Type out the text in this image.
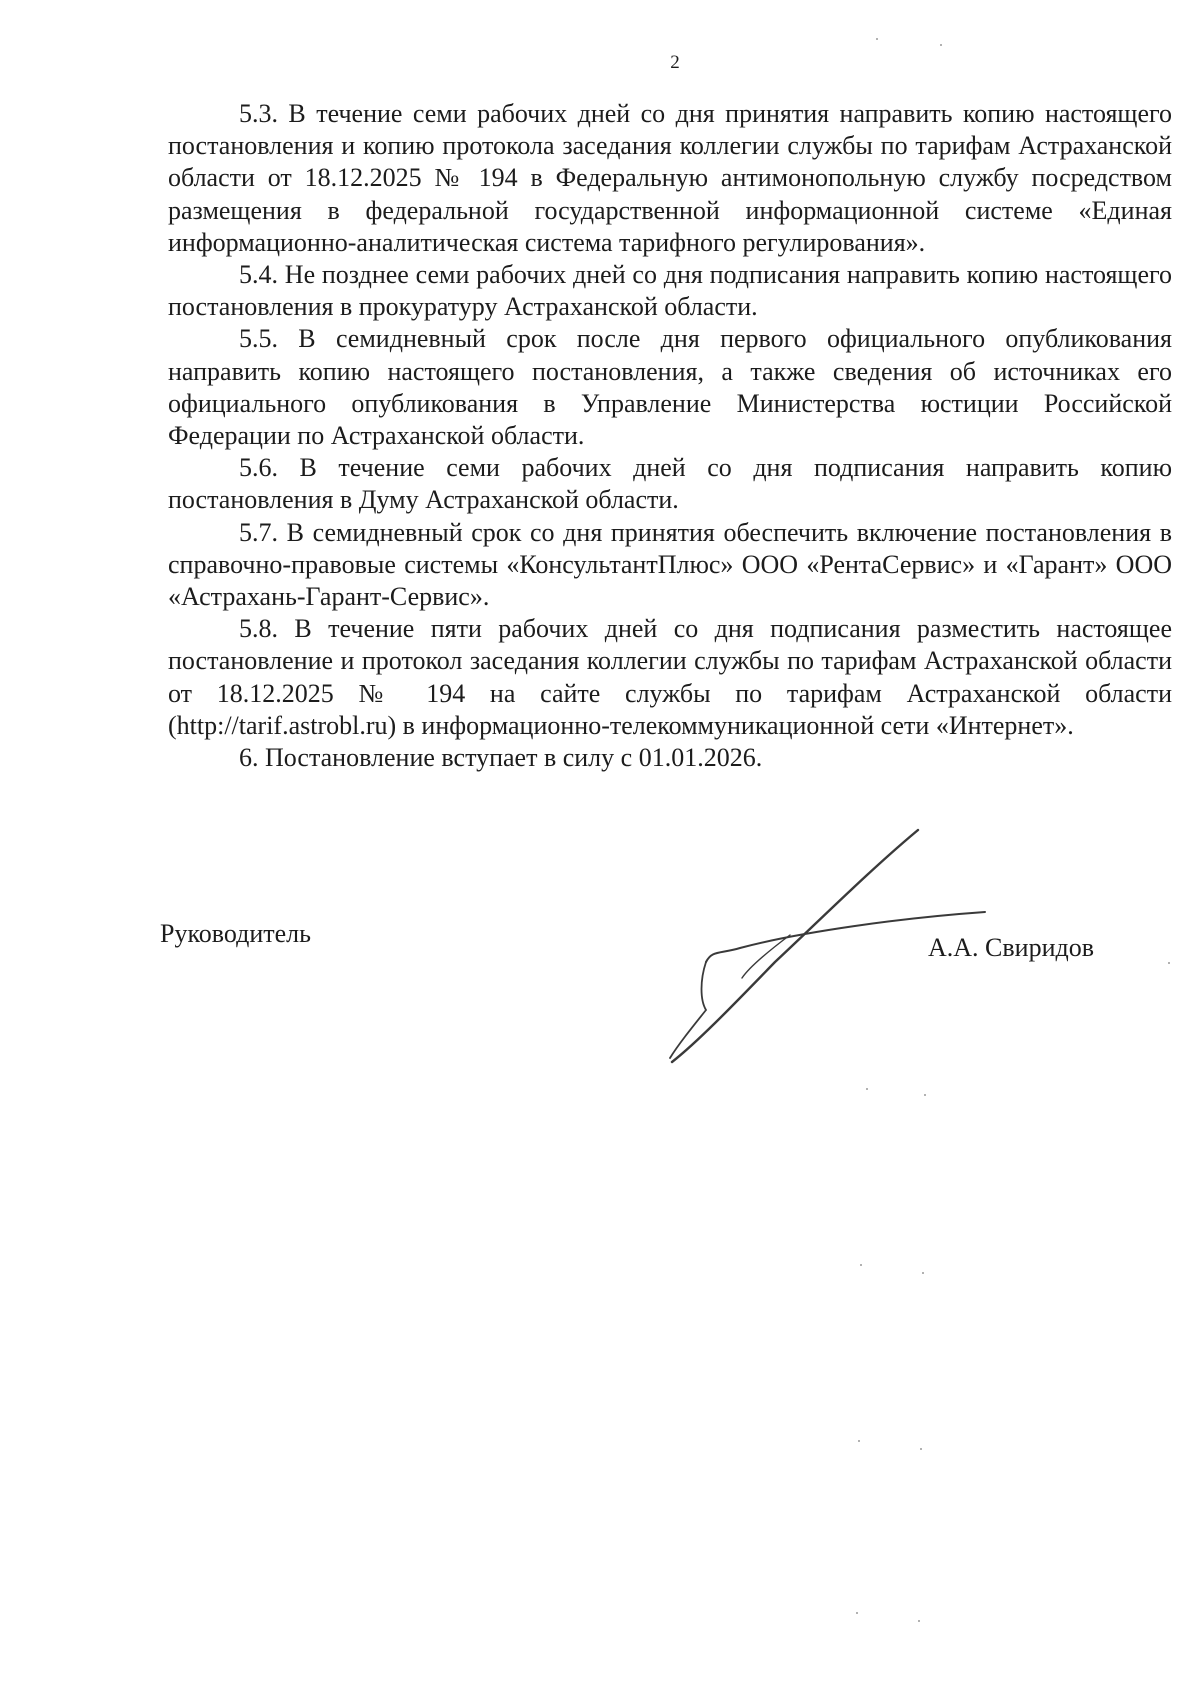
2

5.3. В течение семи рабочих дней со дня принятия направить копию настоящего постановления и копию протокола заседания коллегии службы по тарифам Астраханской области от 18.12.2025 № 194 в Федеральную антимонопольную службу посредством размещения в федеральной государственной информационной системе «Единая информационно-аналитическая система тарифного регулирования».

5.4. Не позднее семи рабочих дней со дня подписания направить копию настоящего постановления в прокуратуру Астраханской области.

5.5. В семидневный срок после дня первого официального опубликования направить копию настоящего постановления, а также сведения об источниках его официального опубликования в Управление Министерства юстиции Российской Федерации по Астраханской области.

5.6. В течение семи рабочих дней со дня подписания направить копию постановления в Думу Астраханской области.

5.7. В семидневный срок со дня принятия обеспечить включение постановления в справочно-правовые системы «КонсультантПлюс» ООО «РентаСервис» и «Гарант» ООО «Астрахань-Гарант-Сервис».

5.8. В течение пяти рабочих дней со дня подписания разместить настоящее постановление и протокол заседания коллегии службы по тарифам Астраханской области от 18.12.2025 № 194 на сайте службы по тарифам Астраханской области (http://tarif.astrobl.ru) в информационно-телекоммуникационной сети «Интернет».

6. Постановление вступает в силу с 01.01.2026.

Руководитель	А.А. Свиридов
